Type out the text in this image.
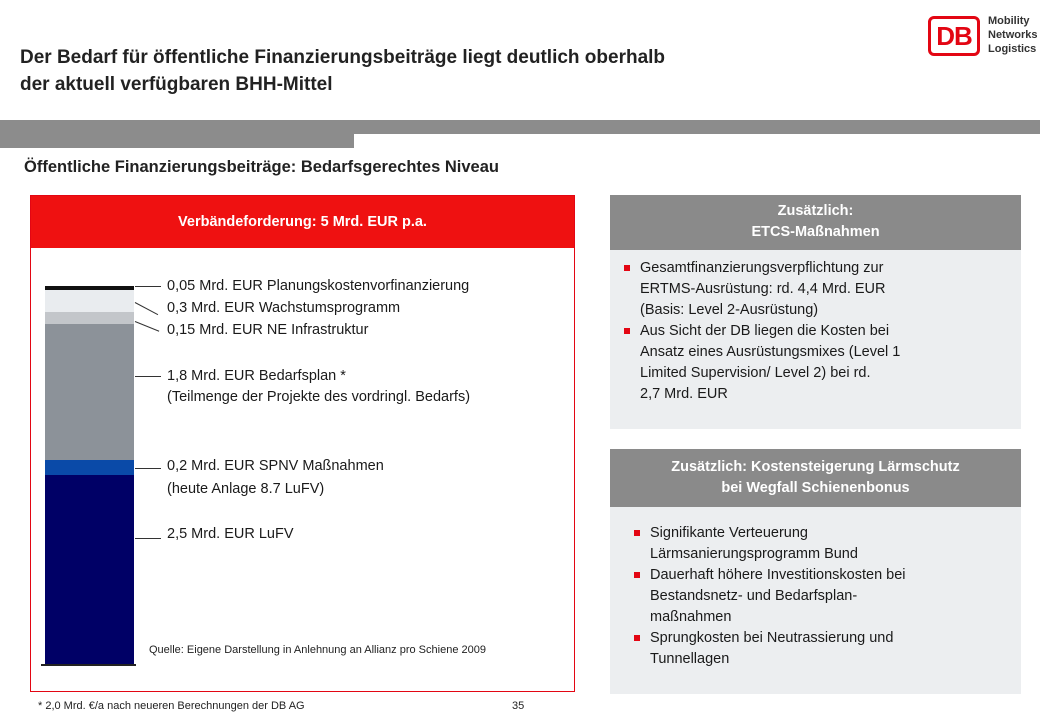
Der Bedarf für öffentliche Finanzierungsbeiträge liegt deutlich oberhalb
der aktuell verfügbaren BHH-Mittel
DB	Mobility
Networks
Logistics
Öffentliche Finanzierungsbeiträge: Bedarfsgerechtes Niveau
Verbändeforderung: 5 Mrd. EUR p.a.
0,05 Mrd. EUR Planungskostenvorfinanzierung
0,3 Mrd. EUR Wachstumsprogramm
0,15 Mrd. EUR NE Infrastruktur
1,8 Mrd. EUR Bedarfsplan *
(Teilmenge der Projekte des vordringl. Bedarfs)
0,2 Mrd. EUR SPNV Maßnahmen
(heute Anlage 8.7 LuFV)
2,5 Mrd. EUR LuFV
Quelle: Eigene Darstellung in Anlehnung an Allianz pro Schiene 2009
Zusätzlich:
ETCS-Maßnahmen
Gesamtfinanzierungsverpflichtung zur
ERTMS-Ausrüstung: rd. 4,4 Mrd. EUR
(Basis: Level 2-Ausrüstung)
Aus Sicht der DB liegen die Kosten bei
Ansatz eines Ausrüstungsmixes (Level 1
Limited Supervision/ Level 2) bei rd.
2,7 Mrd. EUR
Zusätzlich: Kostensteigerung Lärmschutz
bei Wegfall Schienenbonus
Signifikante Verteuerung
Lärmsanierungsprogramm Bund
Dauerhaft höhere Investitionskosten bei
Bestandsnetz- und Bedarfsplan-
maßnahmen
Sprungkosten bei Neutrassierung und
Tunnellagen
* 2,0 Mrd. €/a nach neueren Berechnungen der DB AG	35
